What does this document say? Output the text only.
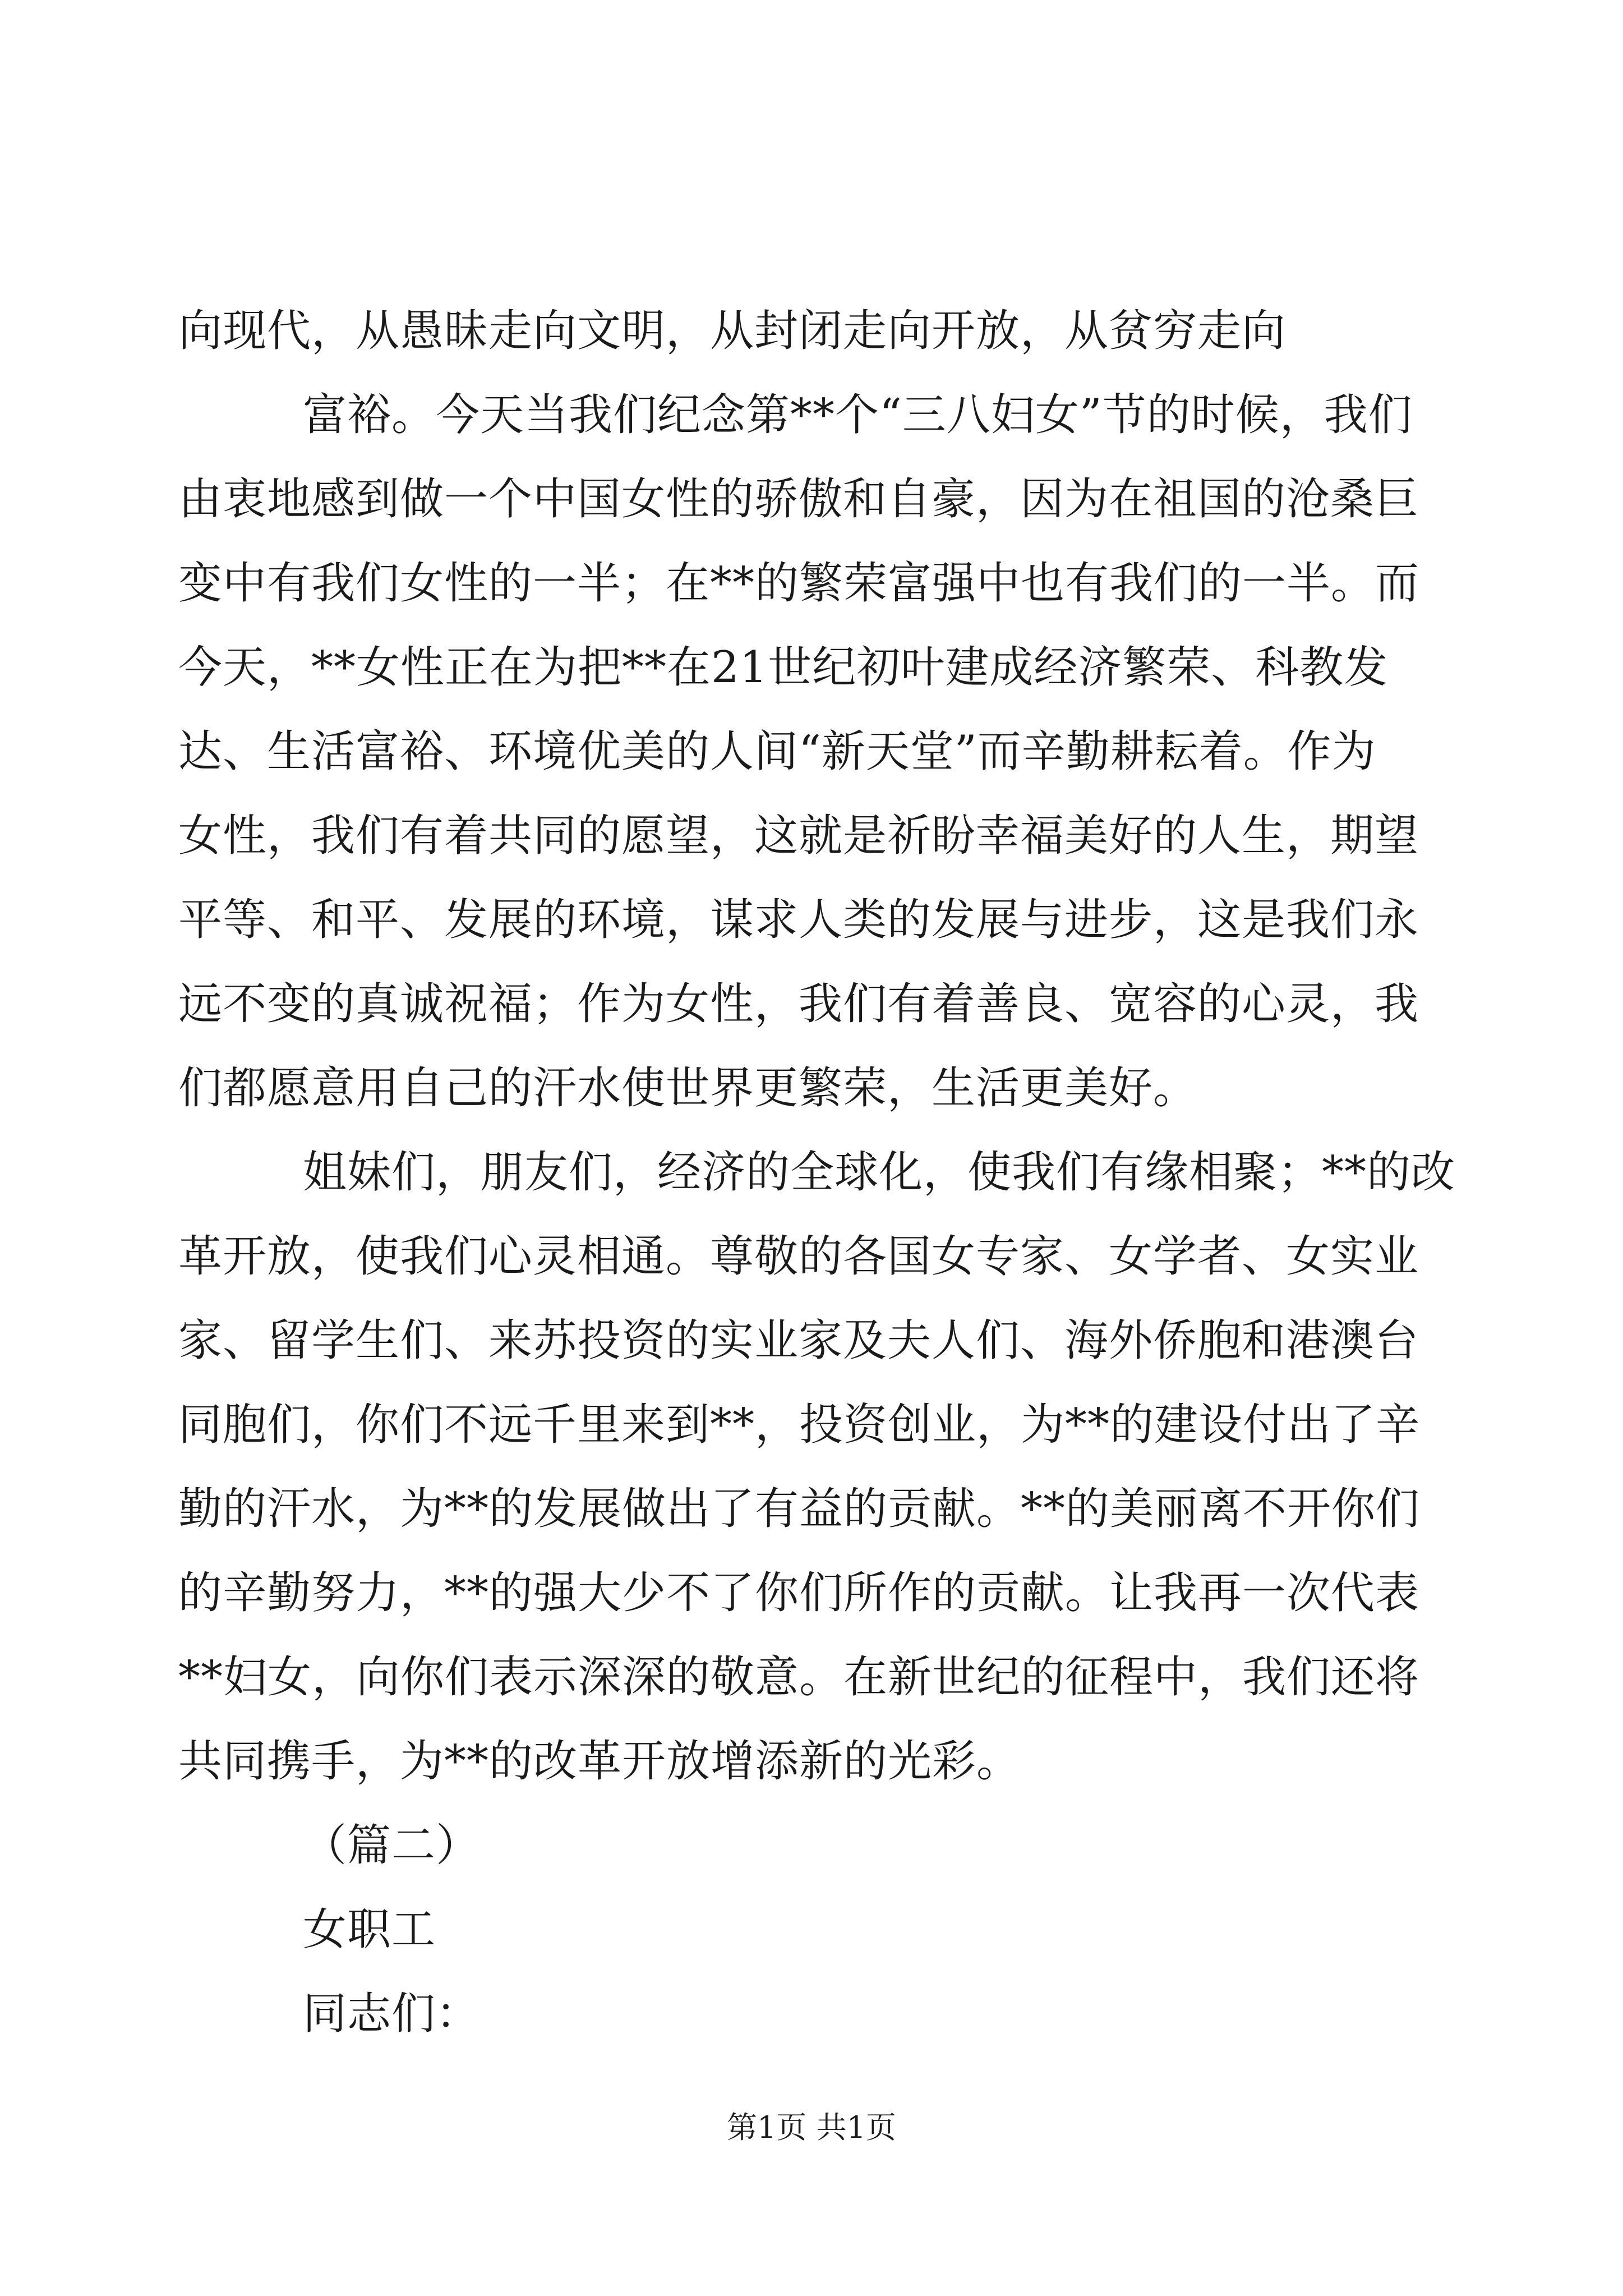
向现代，从愚昧走向文明，从封闭走向开放，从贫穷走向
富裕。今天当我们纪念第**个“三八妇女”节的时候，我们
由衷地感到做一个中国女性的骄傲和自豪，因为在祖国的沧桑巨
变中有我们女性的一半；在**的繁荣富强中也有我们的一半。而
今天，**女性正在为把**在21世纪初叶建成经济繁荣、科教发
达、生活富裕、环境优美的人间“新天堂”而辛勤耕耘着。作为
女性，我们有着共同的愿望，这就是祈盼幸福美好的人生，期望
平等、和平、发展的环境，谋求人类的发展与进步，这是我们永
远不变的真诚祝福；作为女性，我们有着善良、宽容的心灵，我
们都愿意用自己的汗水使世界更繁荣，生活更美好。
姐妹们，朋友们，经济的全球化，使我们有缘相聚；**的改
革开放，使我们心灵相通。尊敬的各国女专家、女学者、女实业
家、留学生们、来苏投资的实业家及夫人们、海外侨胞和港澳台
同胞们，你们不远千里来到**，投资创业，为**的建设付出了辛
勤的汗水，为**的发展做出了有益的贡献。**的美丽离不开你们
的辛勤努力，**的强大少不了你们所作的贡献。让我再一次代表
**妇女，向你们表示深深的敬意。在新世纪的征程中，我们还将
共同携手，为**的改革开放增添新的光彩。
（篇二）
女职工
同志们：
第1页 共1页
